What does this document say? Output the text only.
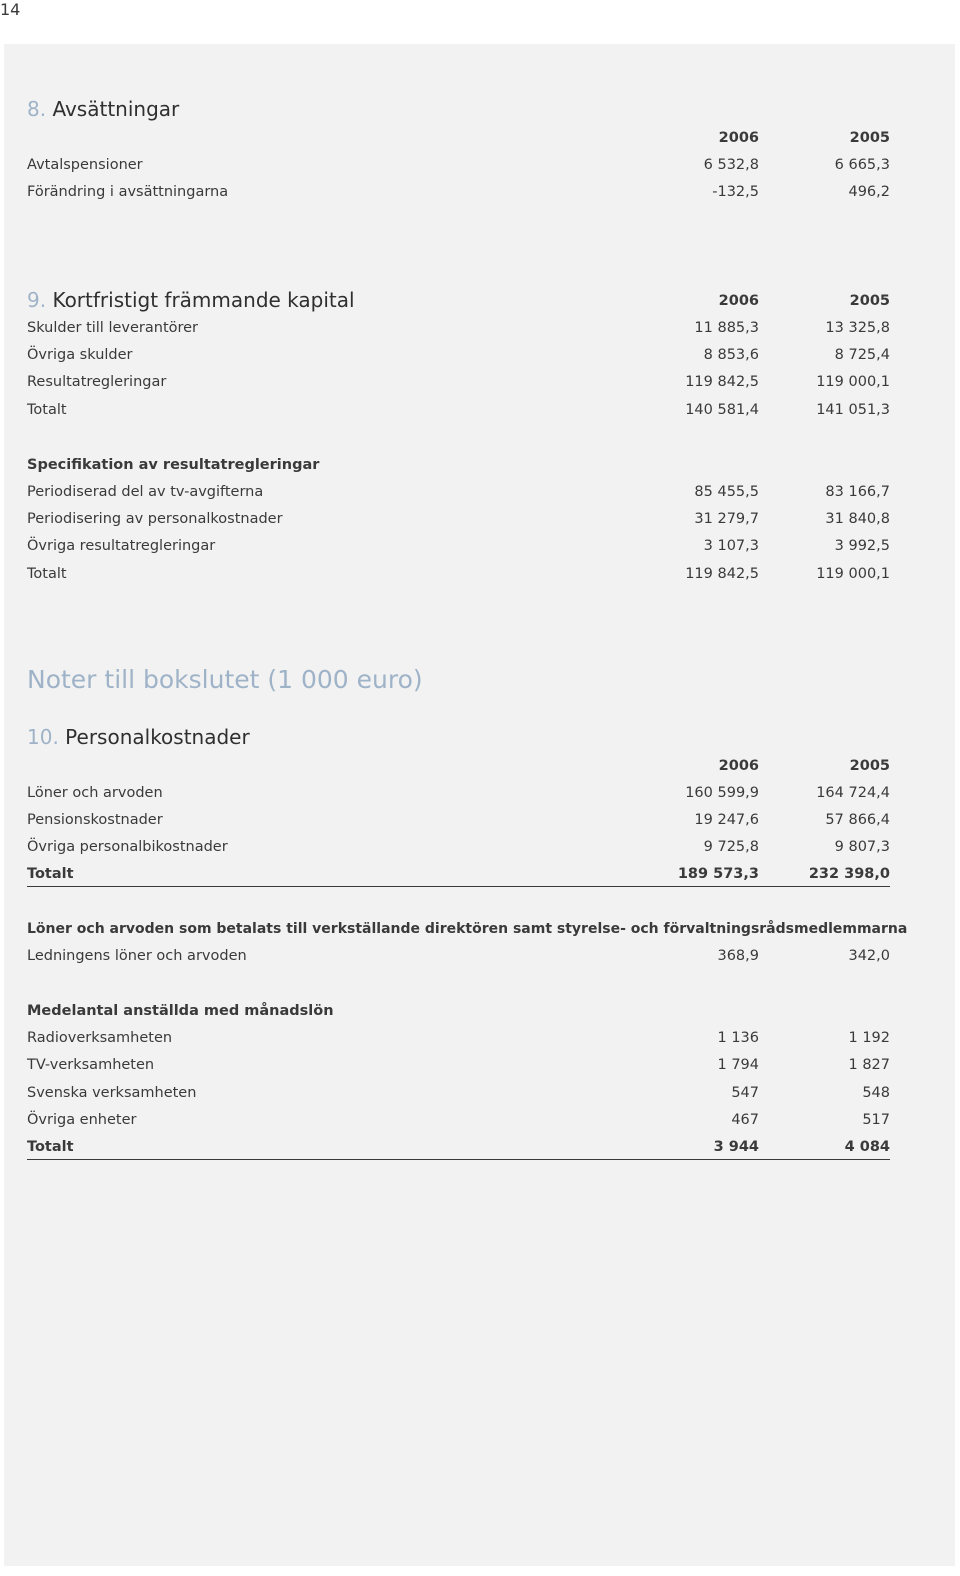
14
8. Avsättningar
2006	2005
Avtalspensioner	6 532,8	6 665,3
Förändring i avsättningarna	-132,5	496,2
9. Kortfristigt främmande kapital	2006	2005
Skulder till leverantörer	11 885,3	13 325,8
Övriga skulder	8 853,6	8 725,4
Resultatregleringar	119 842,5	119 000,1
Totalt	140 581,4	141 051,3
Specifikation av resultatregleringar
Periodiserad del av tv-avgifterna	85 455,5	83 166,7
Periodisering av personalkostnader	31 279,7	31 840,8
Övriga resultatregleringar	3 107,3	3 992,5
Totalt	119 842,5	119 000,1
Noter till bokslutet (1 000 euro)
10. Personalkostnader
2006	2005
Löner och arvoden	160 599,9	164 724,4
Pensionskostnader	19 247,6	57 866,4
Övriga personalbikostnader	9 725,8	9 807,3
Totalt	189 573,3	232 398,0
Löner och arvoden som betalats till verkställande direktören samt styrelse- och förvaltningsrådsmedlemmarna
Ledningens löner och arvoden	368,9	342,0
Medelantal anställda med månadslön
Radioverksamheten	1 136	1 192
TV-verksamheten	1 794	1 827
Svenska verksamheten	547	548
Övriga enheter	467	517
Totalt	3 944	4 084
